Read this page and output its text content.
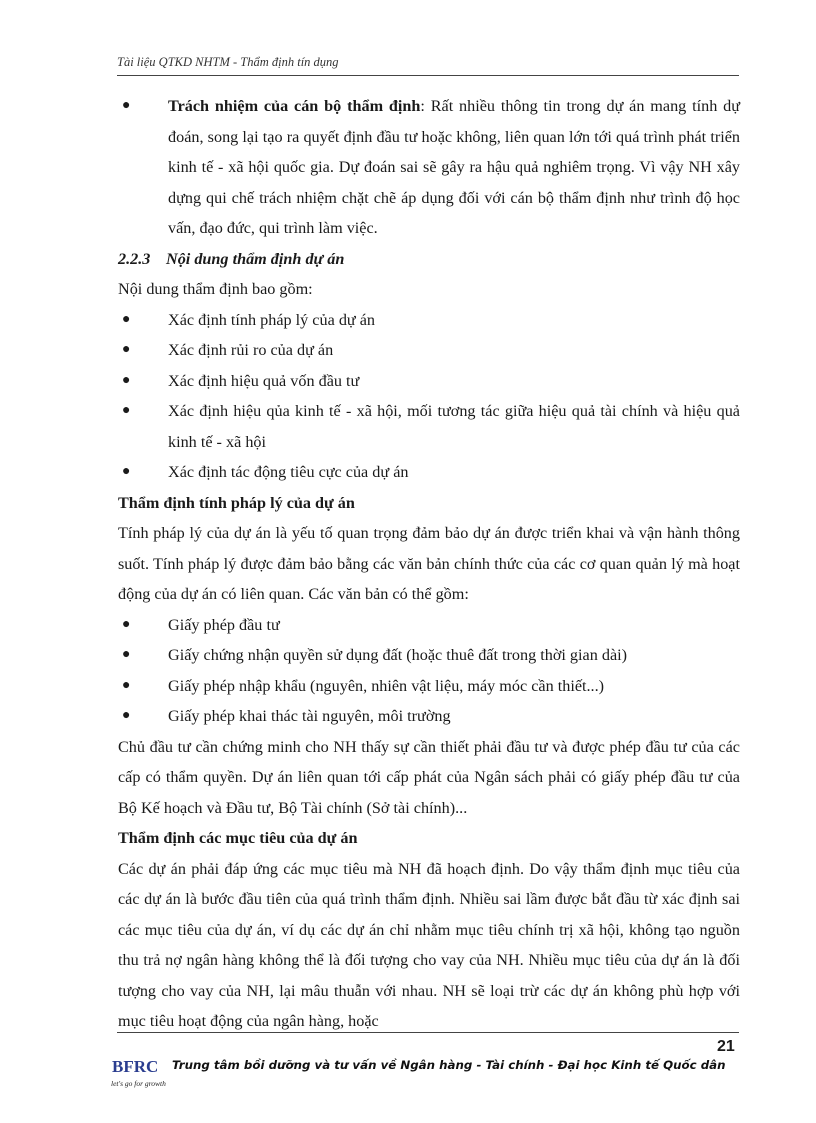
Tài liệu QTKD NHTM - Thẩm định tín dụng
● Trách nhiệm của cán bộ thẩm định: Rất nhiều thông tin trong dự án mang tính dự đoán, song lại tạo ra quyết định đầu tư hoặc không, liên quan lớn tới quá trình phát triển kinh tế - xã hội quốc gia. Dự đoán sai sẽ gây ra hậu quả nghiêm trọng. Vì vậy NH xây dựng qui chế trách nhiệm chặt chẽ áp dụng đối với cán bộ thẩm định như trình độ học vấn, đạo đức, qui trình làm việc.
2.2.3 Nội dung thẩm định dự án
Nội dung thẩm định bao gồm:
● Xác định tính pháp lý của dự án
● Xác định rủi ro của dự án
● Xác định hiệu quả vốn đầu tư
● Xác định hiệu qủa kinh tế - xã hội, mối tương tác giữa hiệu quả tài chính và hiệu quả kinh tế - xã hội
● Xác định tác động tiêu cực của dự án
Thẩm định tính pháp lý của dự án
Tính pháp lý của dự án là yếu tố quan trọng đảm bảo dự án được triển khai và vận hành thông suốt. Tính pháp lý được đảm bảo bằng các văn bản chính thức của các cơ quan quản lý mà hoạt động của dự án có liên quan. Các văn bản có thể gồm:
● Giấy phép đầu tư
● Giấy chứng nhận quyền sử dụng đất (hoặc thuê đất trong thời gian dài)
● Giấy phép nhập khẩu (nguyên, nhiên vật liệu, máy móc cần thiết...)
● Giấy phép khai thác tài nguyên, môi trường
Chủ đầu tư cần chứng minh cho NH thấy sự cần thiết phải đầu tư và được phép đầu tư của các cấp có thẩm quyền. Dự án liên quan tới cấp phát của Ngân sách phải có giấy phép đầu tư của Bộ Kế hoạch và Đầu tư, Bộ Tài chính (Sở tài chính)...
Thẩm định các mục tiêu của dự án
Các dự án phải đáp ứng các mục tiêu mà NH đã hoạch định. Do vậy thẩm định mục tiêu của các dự án là bước đầu tiên của quá trình thẩm định. Nhiều sai lầm được bắt đầu từ xác định sai các mục tiêu của dự án, ví dụ các dự án chỉ nhằm mục tiêu chính trị xã hội, không tạo nguồn thu trả nợ ngân hàng không thể là đối tượng cho vay của NH. Nhiều mục tiêu của dự án là đối tượng cho vay của NH, lại mâu thuẫn với nhau. NH sẽ loại trừ các dự án không phù hợp với mục tiêu hoạt động của ngân hàng, hoặc
21
BFRC
let's go for growth
Trung tâm bồi dưỡng và tư vấn về Ngân hàng - Tài chính - Đại học Kinh tế Quốc dân
